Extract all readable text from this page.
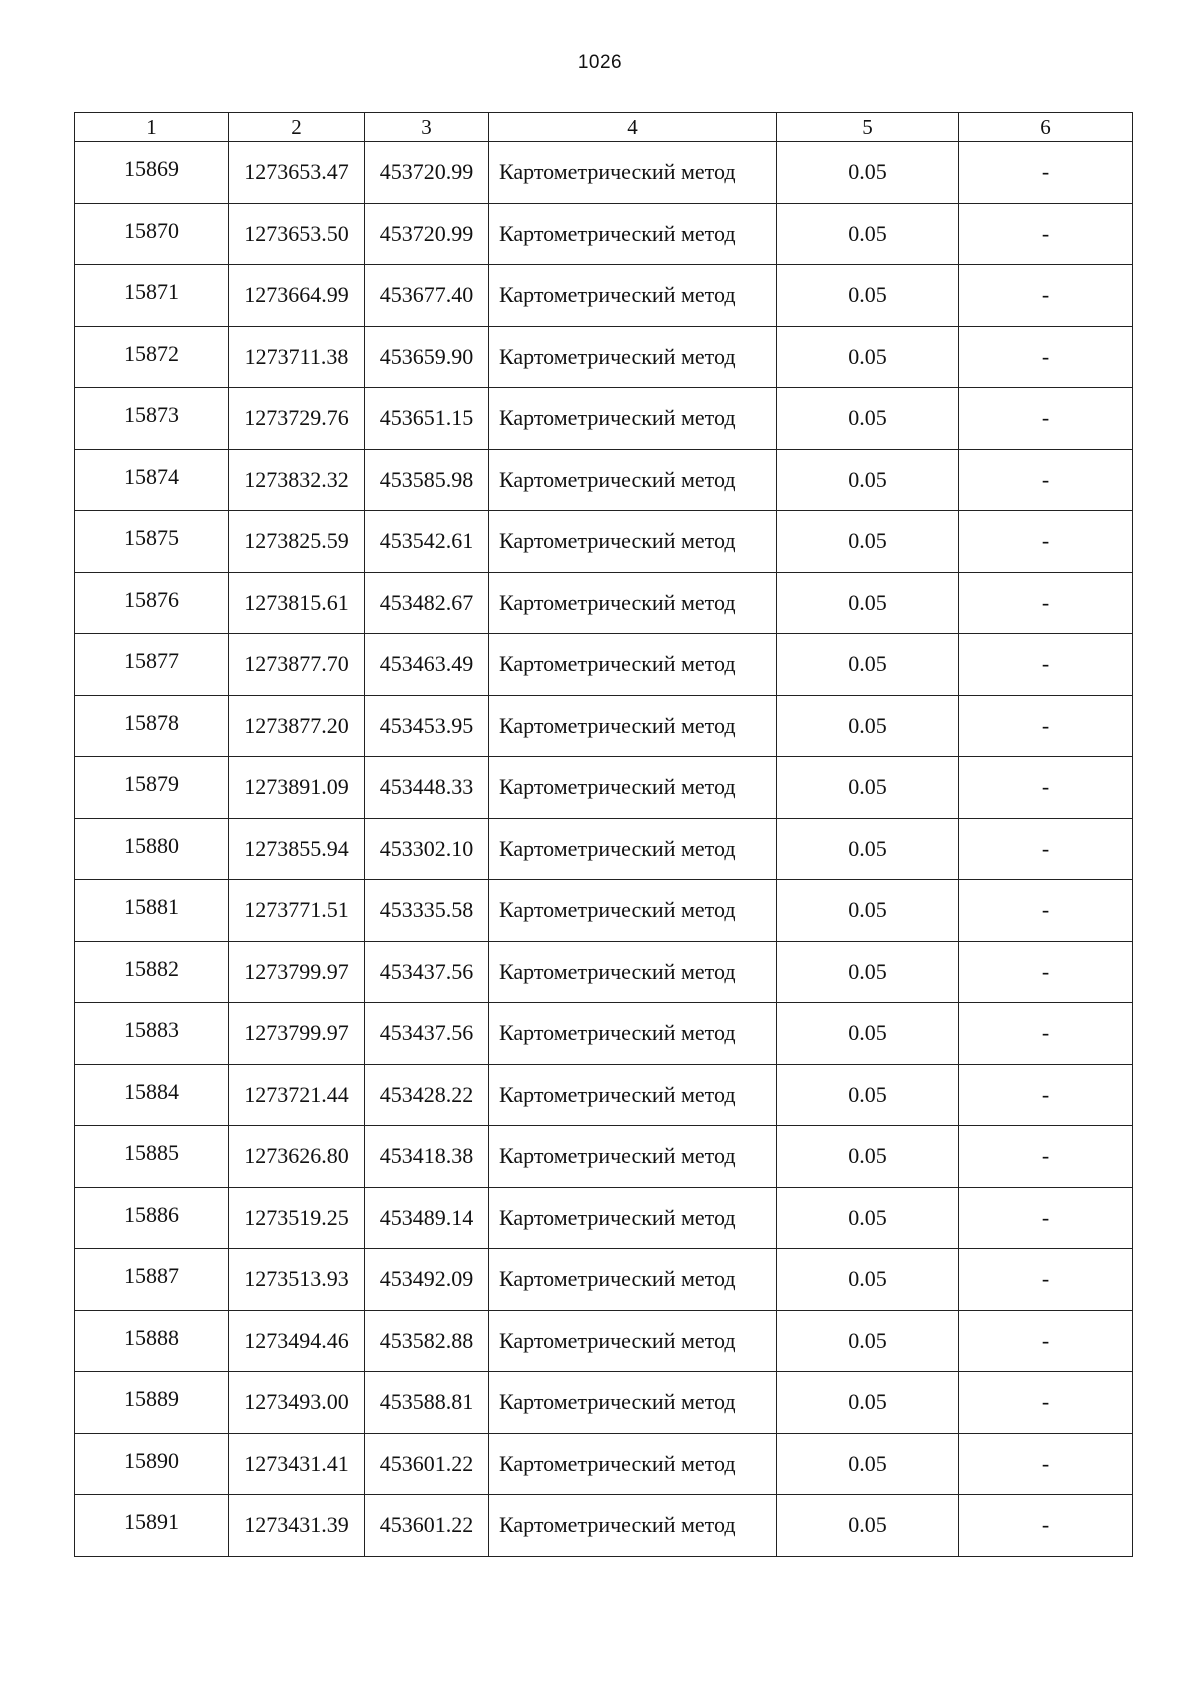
1026
1	2	3	4	5	6
15869	1273653.47	453720.99	Картометрический метод	0.05	-
15870	1273653.50	453720.99	Картометрический метод	0.05	-
15871	1273664.99	453677.40	Картометрический метод	0.05	-
15872	1273711.38	453659.90	Картометрический метод	0.05	-
15873	1273729.76	453651.15	Картометрический метод	0.05	-
15874	1273832.32	453585.98	Картометрический метод	0.05	-
15875	1273825.59	453542.61	Картометрический метод	0.05	-
15876	1273815.61	453482.67	Картометрический метод	0.05	-
15877	1273877.70	453463.49	Картометрический метод	0.05	-
15878	1273877.20	453453.95	Картометрический метод	0.05	-
15879	1273891.09	453448.33	Картометрический метод	0.05	-
15880	1273855.94	453302.10	Картометрический метод	0.05	-
15881	1273771.51	453335.58	Картометрический метод	0.05	-
15882	1273799.97	453437.56	Картометрический метод	0.05	-
15883	1273799.97	453437.56	Картометрический метод	0.05	-
15884	1273721.44	453428.22	Картометрический метод	0.05	-
15885	1273626.80	453418.38	Картометрический метод	0.05	-
15886	1273519.25	453489.14	Картометрический метод	0.05	-
15887	1273513.93	453492.09	Картометрический метод	0.05	-
15888	1273494.46	453582.88	Картометрический метод	0.05	-
15889	1273493.00	453588.81	Картометрический метод	0.05	-
15890	1273431.41	453601.22	Картометрический метод	0.05	-
15891	1273431.39	453601.22	Картометрический метод	0.05	-
